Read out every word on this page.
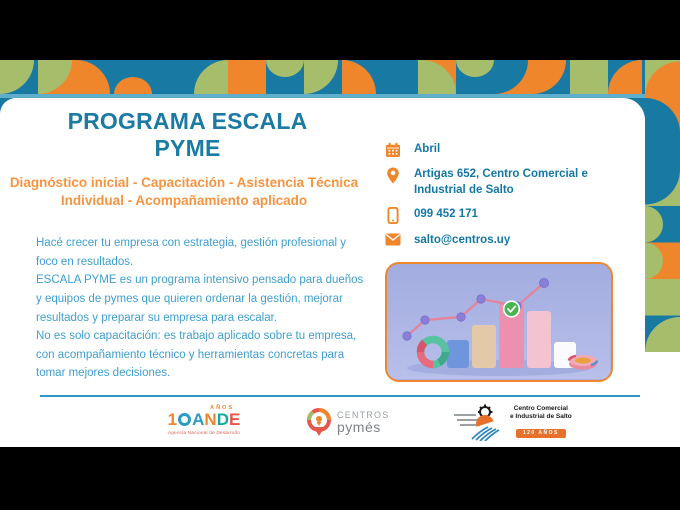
PROGRAMA ESCALA
PYME
Diagnóstico inicial - Capacitación - Asistencia Técnica Individual - Acompañamiento aplicado

Hacé crecer tu empresa con estrategia, gestión profesional y foco en resultados.

ESCALA PYME es un programa intensivo pensado para dueños y equipos de pymes que quieren ordenar la gestión, mejorar resultados y preparar su empresa para escalar.

No es solo capacitación: es trabajo aplicado sobre tu empresa, con acompañamiento técnico y herramientas concretas para tomar mejores decisiones.

Abril
Artigas 652, Centro Comercial e Industrial de Salto
099 452 171
salto@centros.uy
AÑOS
1 A N D E
Agencia Nacional de Desarrollo
CENTROS
pymés
Centro Comercial
e Industrial de Salto
120 AÑOS
